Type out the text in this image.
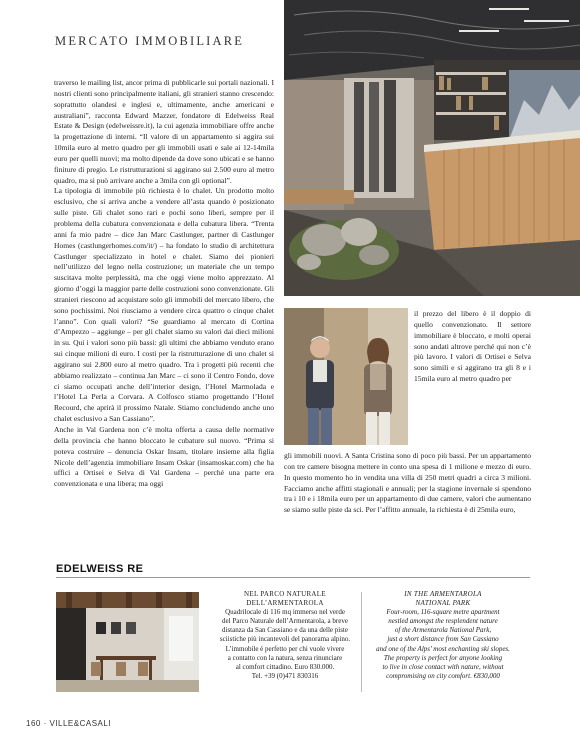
MERCATO IMMOBILIARE

traverso le mailing list, ancor prima di pubblicarle sui portali nazionali. I nostri clienti sono principalmente italiani, gli stranieri stanno crescendo: soprattutto olandesi e inglesi e, ultimamente, anche americani e australiani”, racconta Edward Mazzer, fondatore di Edelweiss Real Estate & Design (edelweissre.it), la cui agenzia immobiliare offre anche la progettazione di interni. “Il valore di un appartamento si aggira sui 10mila euro al metro quadro per gli immobili usati e sale ai 12-14mila euro per quelli nuovi; ma molto dipende da dove sono ubicati e se hanno finiture di pregio. Le ristrutturazioni si aggirano sui 2.500 euro al metro quadro, ma si può arrivare anche a 3mila con gli optional”.

La tipologia di immobile più richiesta è lo chalet. Un prodotto molto esclusivo, che si arriva anche a vendere all’asta quando è posizionato sulle piste. Gli chalet sono rari e pochi sono liberi, sempre per il problema della cubatura convenzionata e della cubatura libera. “Trenta anni fa mio padre – dice Jan Marc Castlunger, partner di Castlunger Homes (castlungerhomes.com/it/) – ha fondato lo studio di architettura Castlunger specializzato in hotel e chalet. Siamo dei pionieri nell’utilizzo del legno nella costruzione; un materiale che un tempo suscitava molte perplessità, ma che oggi viene molto apprezzato. Al giorno d’oggi la maggior parte delle costruzioni sono convenzionate. Gli stranieri riescono ad acquistare solo gli immobili del mercato libero, che sono pochissimi. Noi riusciamo a vendere circa quattro o cinque chalet l’anno”. Con quali valori? “Se guardiamo al mercato di Cortina d’Ampezzo – aggiunge – per gli chalet siamo su valori dai dieci milioni in su. Qui i valori sono più bassi: gli ultimi che abbiamo venduto erano sui cinque milioni di euro. I costi per la ristrutturazione di uno chalet si aggirano sui 2.800 euro al metro quadro. Tra i progetti più recenti che abbiamo realizzato – continua Jan Marc – ci sono il Centro Fondo, dove ci siamo occupati anche dell’interior design, l’Hotel Marmolada e l’Hotel La Perla a Corvara. A Colfosco stiamo progettando l’Hotel Recourd, che aprirà il prossimo Natale. Stiamo concludendo anche uno chalet esclusivo a San Cassiano”.

Anche in Val Gardena non c’è molta offerta a causa delle normative della provincia che hanno bloccato le cubature sul nuovo. “Prima si poteva costruire – denuncia Oskar Insam, titolare insieme alla figlia Nicole dell’agenzia immobiliare Insam Oskar (insamoskar.com) che ha uffici a Ortisei e Selva di Val Gardena – perché una parte era convenzionata e una libera; ma oggi

il prezzo del libero è il doppio di quello convenzionato. Il settore immobiliare è bloccato, e molti operai sono andati altrove perché qui non c’è più lavoro. I valori di Ortisei e Selva sono simili e si aggirano tra gli 8 e i 15mila euro al metro quadro per
gli immobili nuovi. A Santa Cristina sono di poco più bassi. Per un appartamento con tre camere bisogna mettere in conto una spesa di 1 milione e mezzo di euro. In questo momento ho in vendita una villa di 250 metri quadri a circa 3 milioni. Facciamo anche affitti stagionali e annuali; per la stagione invernale si spendono tra i 10 e i 18mila euro per un appartamento di due camere, valori che aumentano se siamo sulle piste da sci. Per l’affitto annuale, la richiesta è di 25mila euro,
EDELWEISS RE
NEL PARCO NATURALE
DELL’ARMENTAROLA
Quadrilocale di 116 mq immerso nel verde
del Parco Naturale dell’Armentarola, a breve
distanza da San Cassiano e da una delle piste
sciistiche più incantevoli del panorama alpino.
L’immobile è perfetto per chi vuole vivere
a contatto con la natura, senza rinunciare
al comfort cittadino. Euro 830.000.
Tel. +39 (0)471 830316
IN THE ARMENTAROLA
NATIONAL PARK
Four-room, 116-square metre apartment
nestled amongst the resplendent nature
of the Armentarola National Park,
just a short distance from San Cassiano
and one of the Alps’ most enchanting ski slopes.
The property is perfect for anyone looking
to live in close contact with nature, without
compromising on city comfort. €830,000
160 · VILLE&CASALI
